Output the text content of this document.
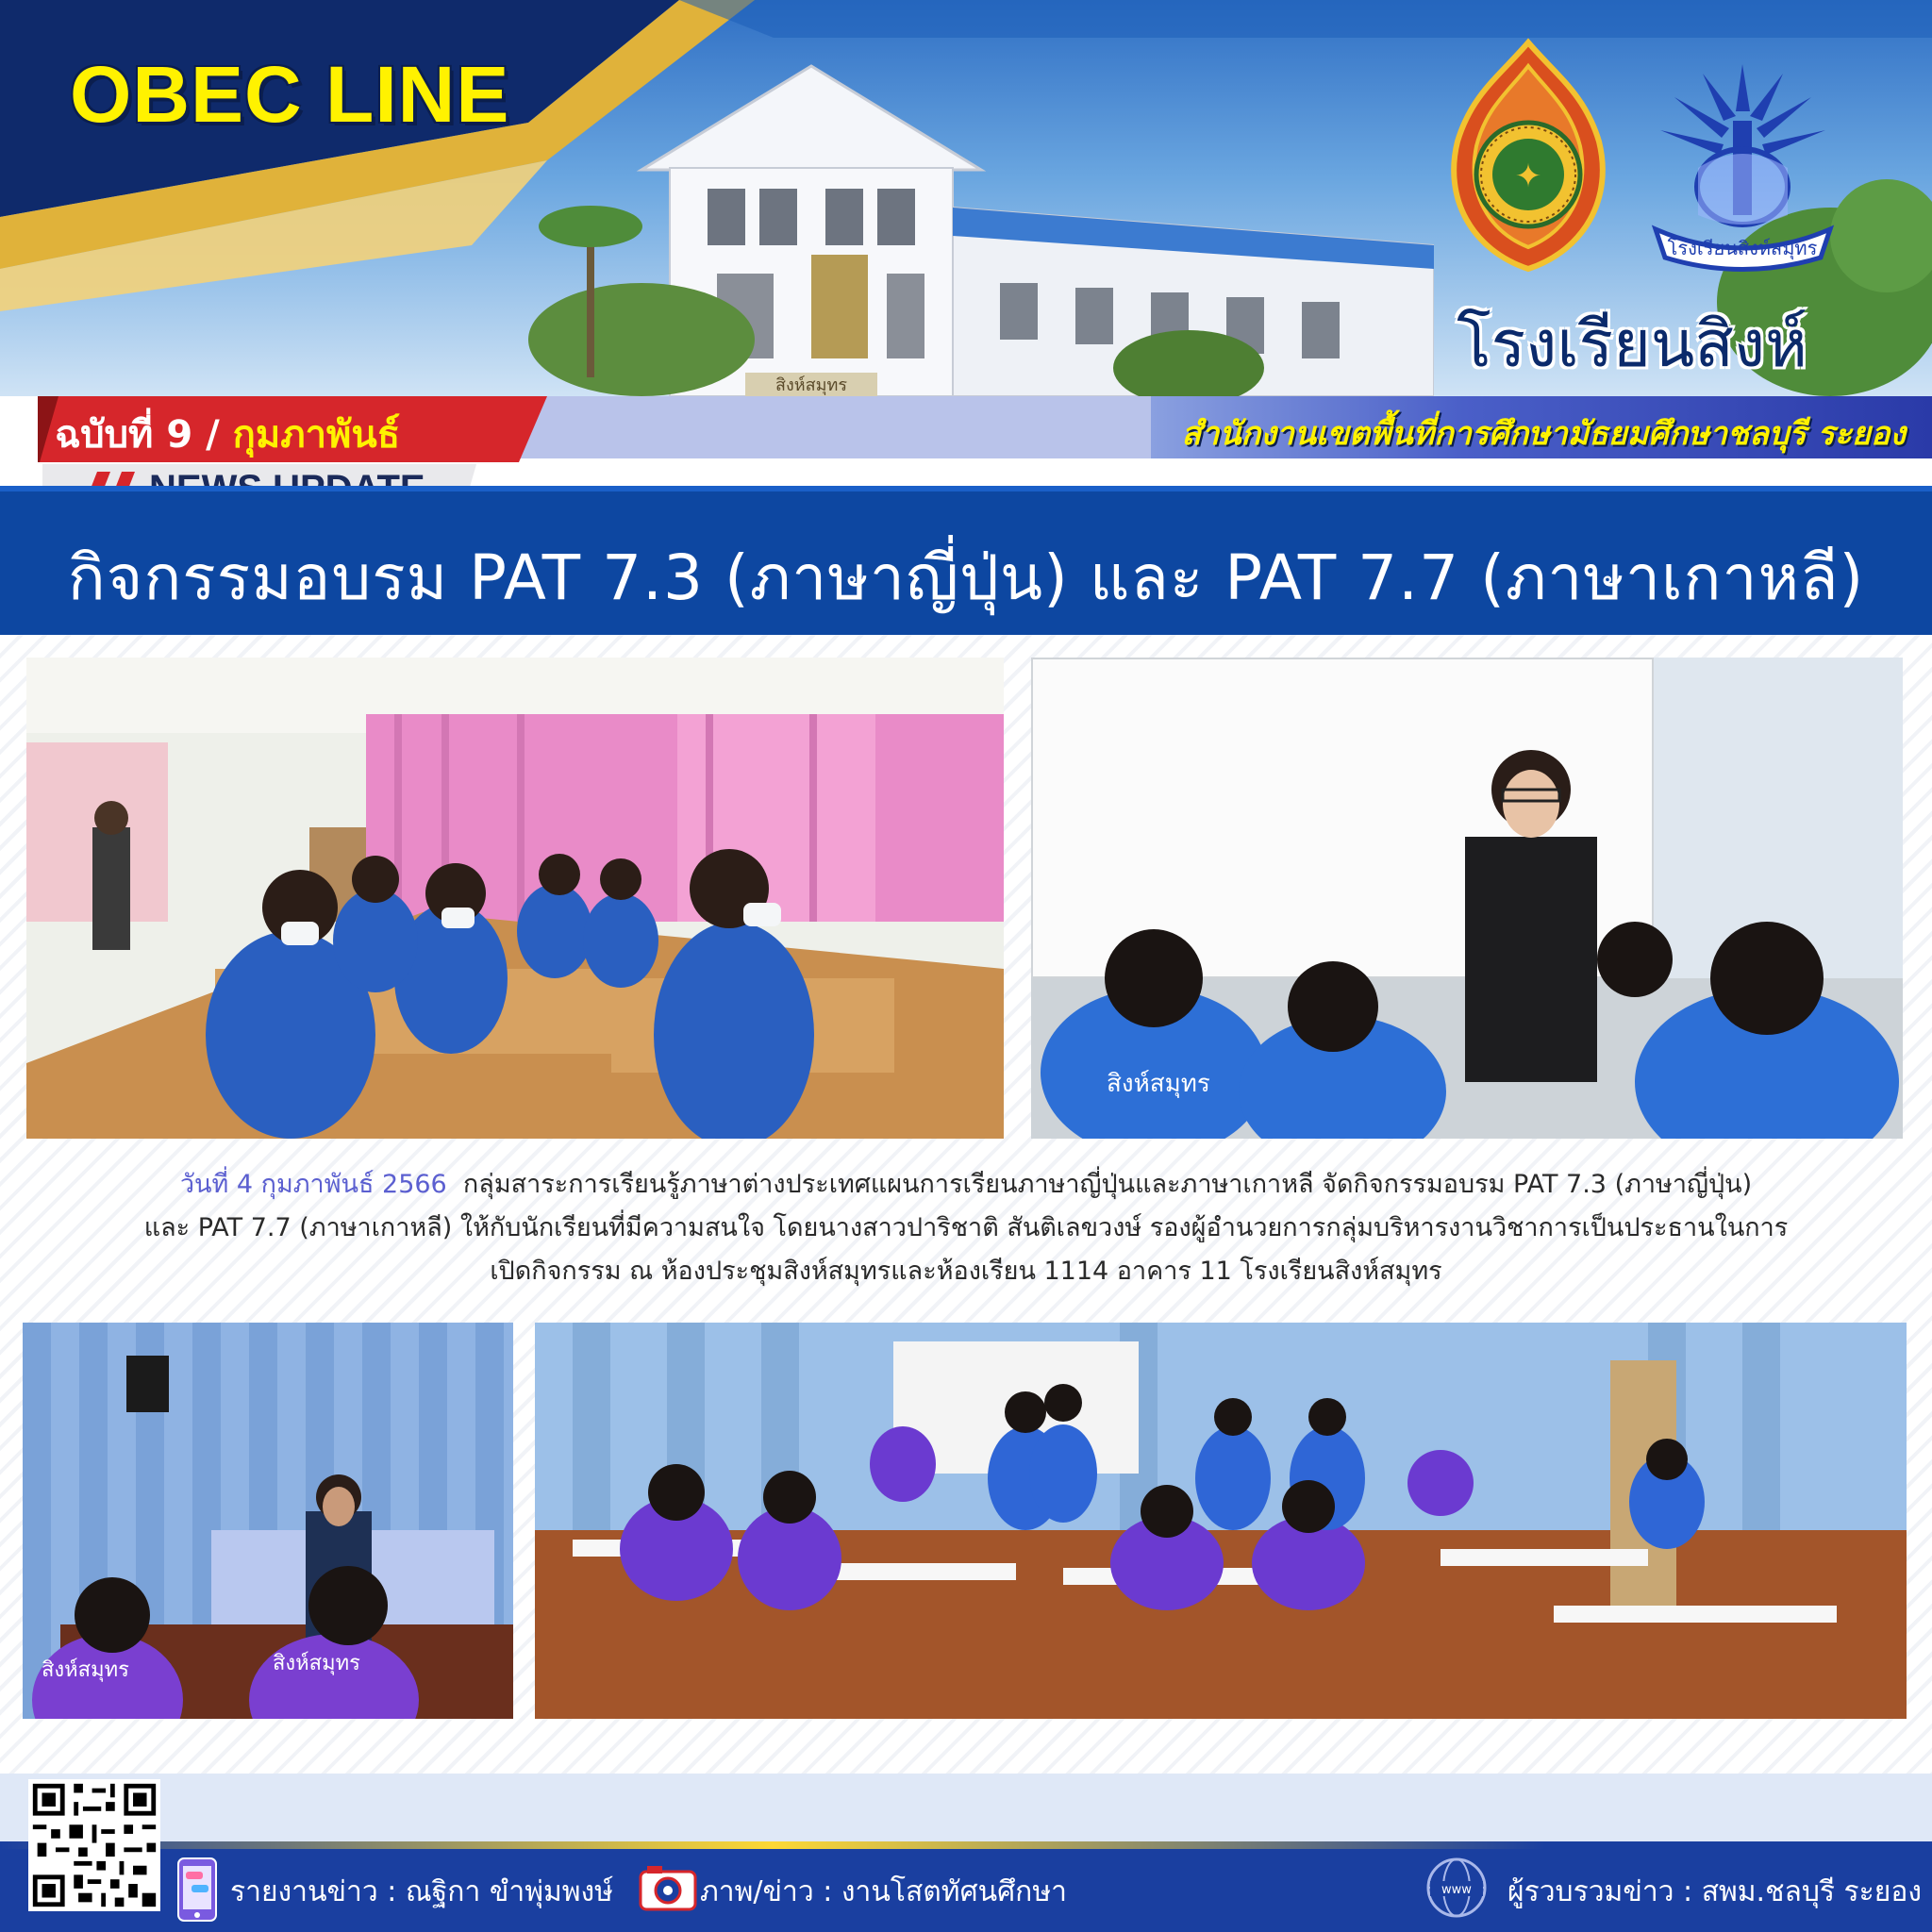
สิงห์สมุทร
OBEC LINE
✦
โรงเรียนสิงห์สมุทร
โรงเรียนสิงห์
สำนักงานเขตพื้นที่การศึกษามัธยมศึกษาชลบุรี ระยอง
ฉบับที่ 9 / กุมภาพันธ์
กิจกรรมอบรม PAT 7.3 (ภาษาญี่ปุ่น) และ PAT 7.7 (ภาษาเกาหลี)
สิงห์สมุทร
สิงห์สมุทร	สิงห์สมุทร
วันที่ 4 กุมภาพันธ์ 2566 กลุ่มสาระการเรียนรู้ภาษาต่างประเทศแผนการเรียนภาษาญี่ปุ่นและภาษาเกาหลี จัดกิจกรรมอบรม PAT 7.3 (ภาษาญี่ปุ่น)
และ PAT 7.7 (ภาษาเกาหลี) ให้กับนักเรียนที่มีความสนใจ โดยนางสาวปาริชาติ สันติเลขวงษ์ รองผู้อำนวยการกลุ่มบริหารงานวิชาการเป็นประธานในการ
เปิดกิจกรรม ณ ห้องประชุมสิงห์สมุทรและห้องเรียน 1114 อาคาร 11 โรงเรียนสิงห์สมุทร
รายงานข่าว : ณฐิกา ขำพุ่มพงษ์	ภาพ/ข่าว : งานโสตทัศนศึกษา	www ผู้รวบรวมข่าว : สพม.ชลบุรี ระยอง
